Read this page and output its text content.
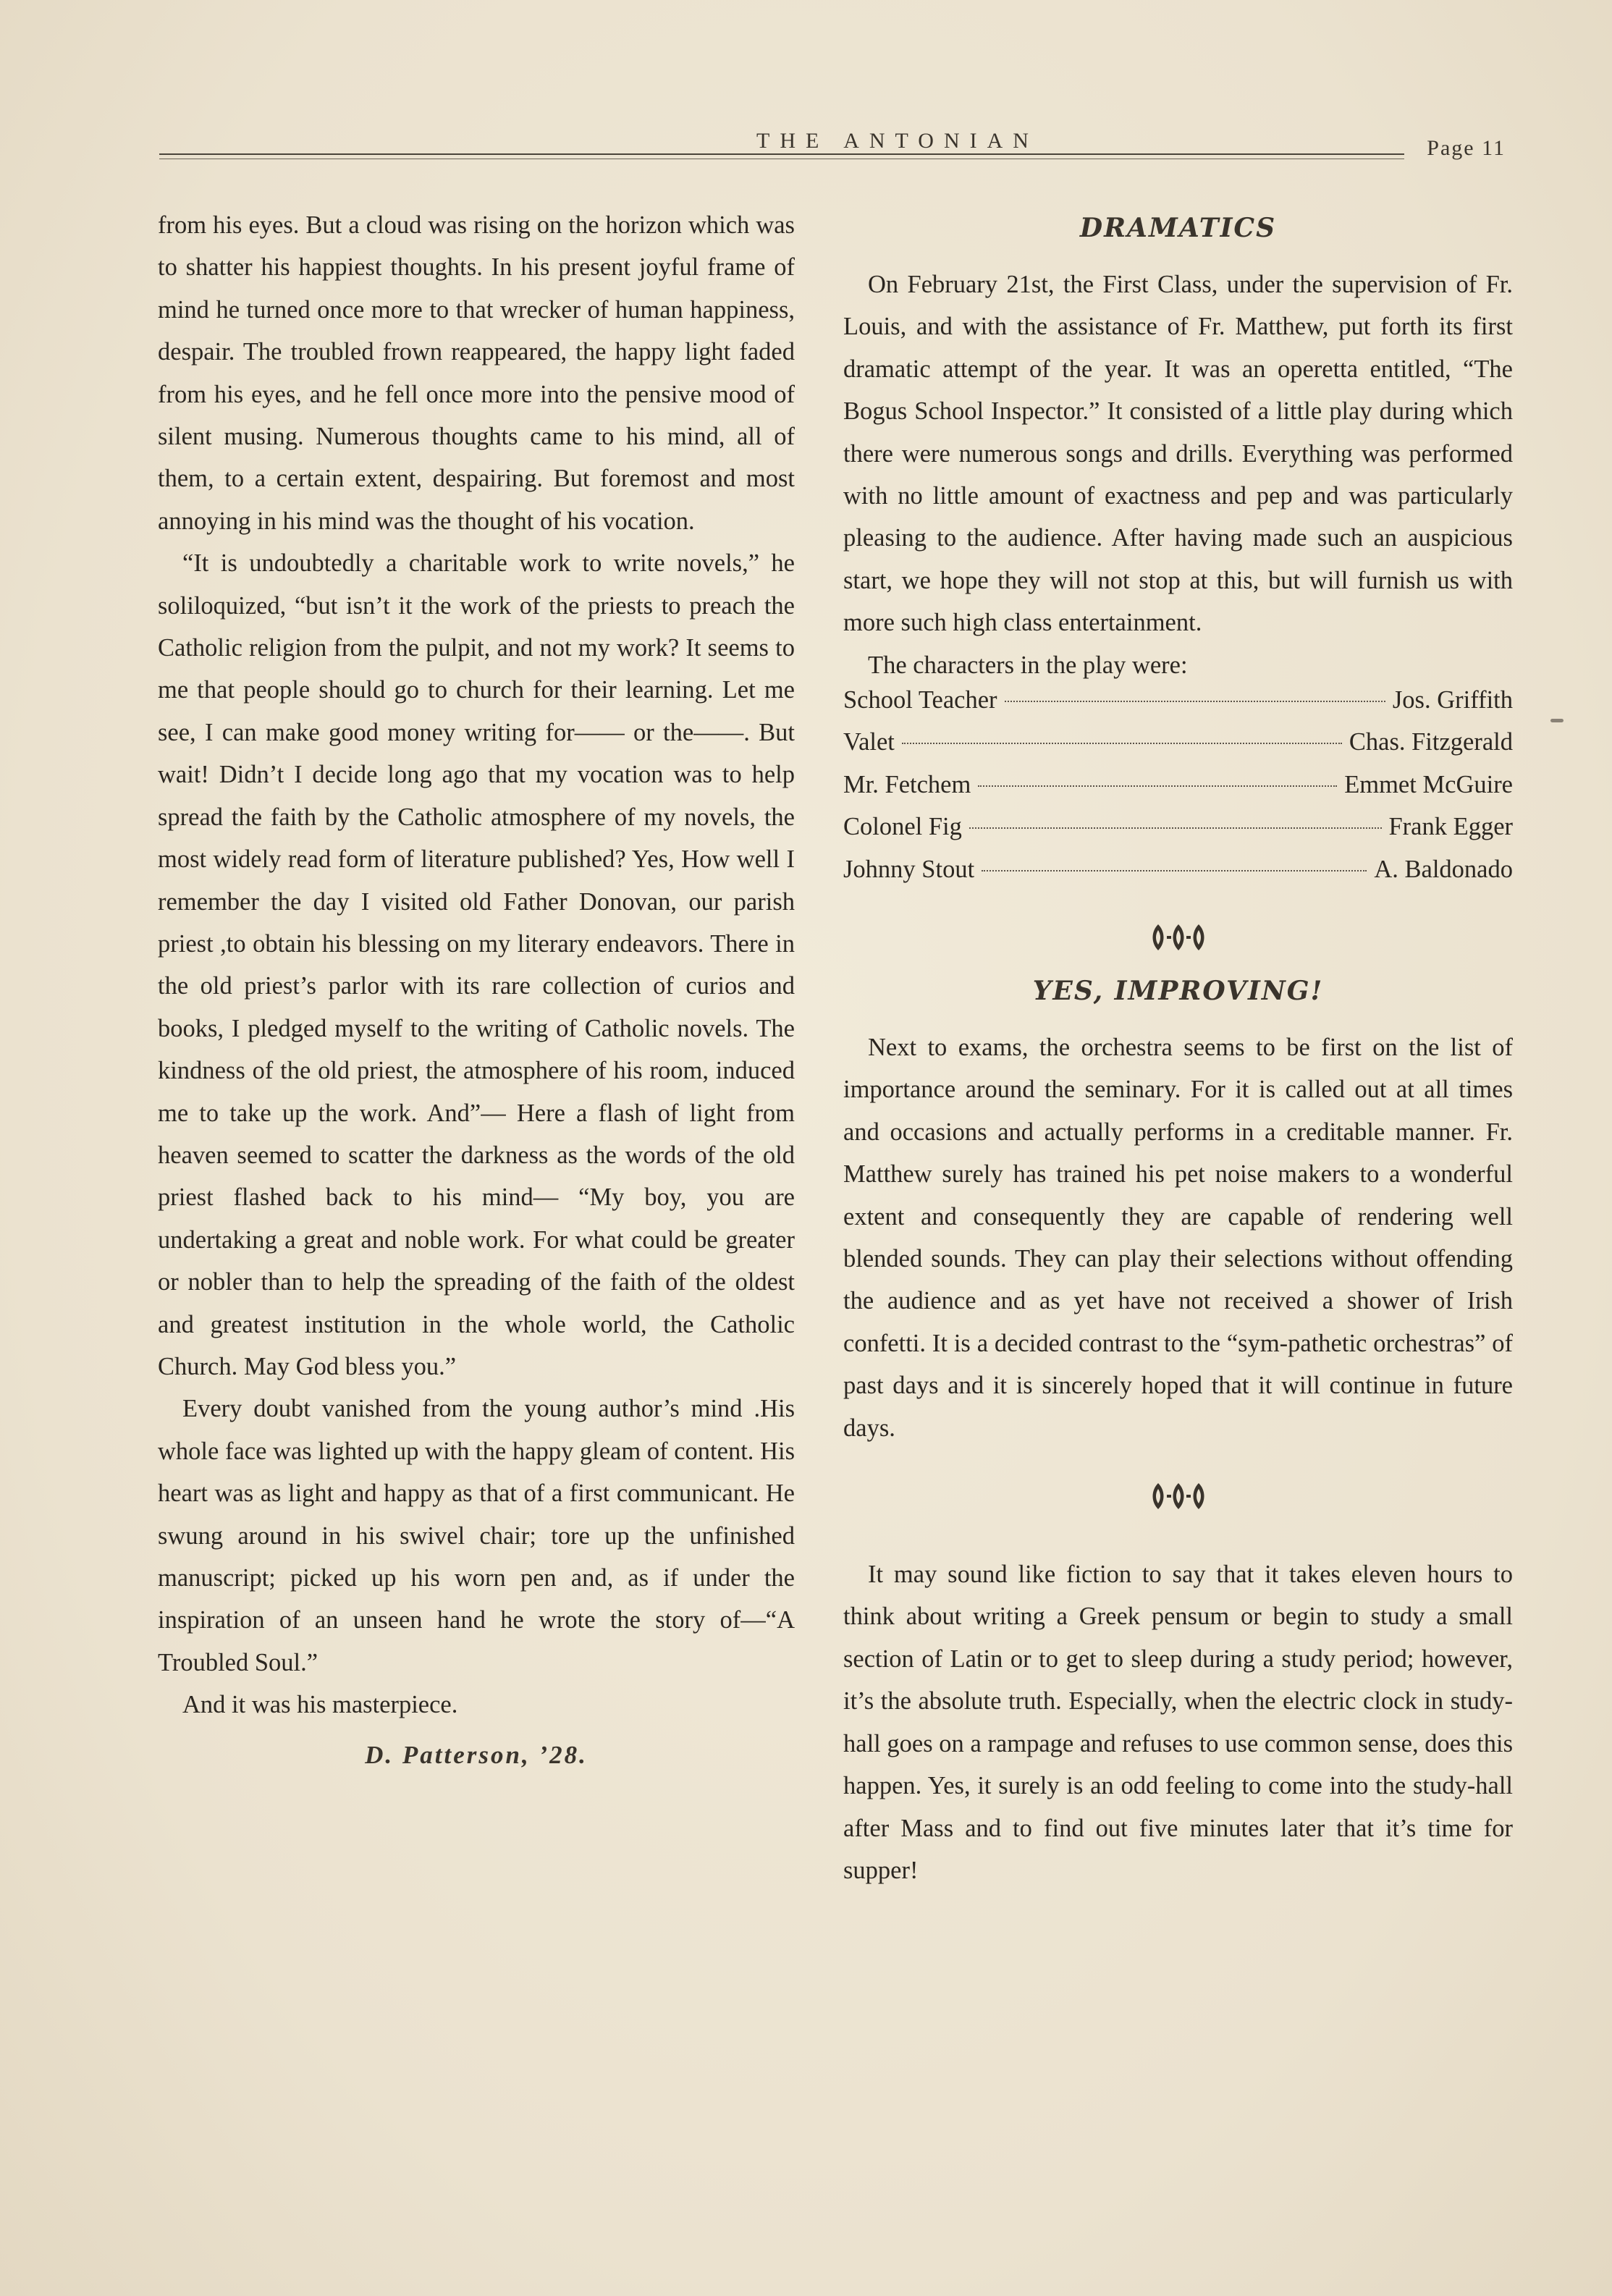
THE ANTONIAN	Page 11

from his eyes. But a cloud was rising on the horizon which was to shatter his happiest thoughts. In his present joyful frame of mind he turned once more to that wrecker of human happiness, despair. The troubled frown reappeared, the happy light faded from his eyes, and he fell once more into the pensive mood of silent musing. Numerous thoughts came to his mind, all of them, to a certain extent, despairing. But foremost and most annoying in his mind was the thought of his vocation.

“It is undoubtedly a charitable work to write novels,” he soliloquized, “but isn’t it the work of the priests to preach the Catholic religion from the pulpit, and not my work? It seems to me that people should go to church for their learning. Let me see, I can make good money writing for—— or the——. But wait! Didn’t I decide long ago that my vocation was to help spread the faith by the Catholic atmosphere of my novels, the most widely read form of literature published? Yes, How well I remember the day I visited old Father Donovan, our parish priest ,to obtain his blessing on my literary endeavors. There in the old priest’s parlor with its rare collection of curios and books, I pledged myself to the writing of Catholic novels. The kindness of the old priest, the atmosphere of his room, induced me to take up the work. And”— Here a flash of light from heaven seemed to scatter the darkness as the words of the old priest flashed back to his mind— “My boy, you are undertaking a great and noble work. For what could be greater or nobler than to help the spreading of the faith of the oldest and greatest institution in the whole world, the Catholic Church. May God bless you.”

Every doubt vanished from the young author’s mind .His whole face was lighted up with the happy gleam of content. His heart was as light and happy as that of a first communicant. He swung around in his swivel chair; tore up the unfinished manuscript; picked up his worn pen and, as if under the inspiration of an unseen hand he wrote the story of—“A Troubled Soul.”

And it was his masterpiece.

D. Patterson, ’28.

DRAMATICS

On February 21st, the First Class, under the supervision of Fr. Louis, and with the assistance of Fr. Matthew, put forth its first dramatic attempt of the year. It was an operetta entitled, “The Bogus School Inspector.” It consisted of a little play during which there were numerous songs and drills. Everything was performed with no little amount of exactness and pep and was particularly pleasing to the audience. After having made such an auspicious start, we hope they will not stop at this, but will furnish us with more such high class entertainment.

The characters in the play were:

School Teacher	Jos. Griffith
Valet	Chas. Fitzgerald
Mr. Fetchem	Emmet McGuire
Colonel Fig	Frank Egger
Johnny Stout	A. Baldonado

YES, IMPROVING!

Next to exams, the orchestra seems to be first on the list of importance around the seminary. For it is called out at all times and occasions and actually performs in a creditable manner. Fr. Matthew surely has trained his pet noise makers to a wonderful extent and consequently they are capable of rendering well blended sounds. They can play their selections without offending the audience and as yet have not received a shower of Irish confetti. It is a decided contrast to the “sym-pathetic orchestras” of past days and it is sincerely hoped that it will continue in future days.

It may sound like fiction to say that it takes eleven hours to think about writing a Greek pensum or begin to study a small section of Latin or to get to sleep during a study period; however, it’s the absolute truth. Especially, when the electric clock in study-hall goes on a rampage and refuses to use common sense, does this happen. Yes, it surely is an odd feeling to come into the study-hall after Mass and to find out five minutes later that it’s time for supper!
